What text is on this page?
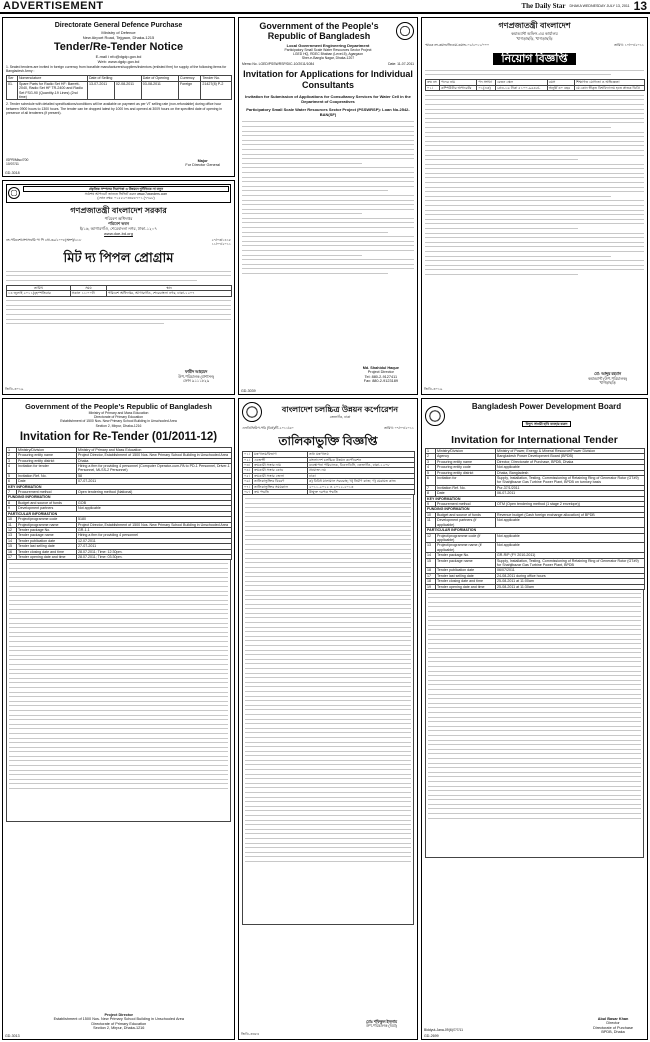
ADVERTISEMENT	The Daily Star DHAKA WEDNESDAY JULY 13, 2011 13
Directorate General Defence Purchase
Ministry of Defence
New Airport Road, Tejgaon, Dhaka-1215
Tender/Re-Tender Notice
E-mail i nfo@dgdp.gov.bd
Web: www.dgdp.gov.bd
1. Sealed tenders are invited in foreign currency from bonafide manufacturers/suppliers/indentors (enlisted firm) for supply of the following items for Bangladesh Army :
Ser	Nomenclature	Date of Selling		Date of Opening	Currency	Tender No.
01.	Spare Parts for Radio Set HF: Barrett-2040, Radio Set HF TR-2400 and Radio Set FSG-90 (Quantity-19 Lines) (2nd time)	13-07-2011	02-08-2011	03-08-2011	Foreign	21427(8) P-2
2. Tender schedule with detailed specifications/conditions will be available on payment as per VT selling rate (non-refundable) during office hour between 0900 hours to 1300 hours. The tender can be dropped latest by 1000 hrs and opened at 3009 hours on the specified date of opening in presence of all tenderers (if present).
ISPR/Misc/700
10/07/11
Major
For Director General
GD-3018
প্রকৃতিক সম্পদের নিরাপত্তা ও উন্নয়নে দুর্নীতিকে না বলুন
সর্বশেষ আপডেট জানতে ভিজিট করুন www.7wonders.com
(ফোন নম্বর: ০১৫৫২০৩৩৫৮৭০১ (৭৭৯৮)
গণপ্রজাতন্ত্রী বাংলাদেশ সরকার
পরিবেশ অধিদপ্তর
পরিবেশ ভবন
ই/১৬, আগারগাঁও, শেরেবাংলা নগর, ঢাকা-১২০৭
www.doe-bd.org
নং-পরিবেশ/প্রশাসন/মি পা পি প্রো-৩৯/২০০৮(অংশ)/২১৮	২৭/০৩/১৪১৮
১১/০৭/২০১১
মিট দ্য পিপল প্রোগ্রাম
তারিখ	সময়	স্থান
১৪ জুলাই ২০১১(বৃহস্পতিবার	সকাল ১১:০০টা	পরিবেশ অধিদপ্তর, আগারগাঁও, শেরেবাংলা নগর, ঢাকা-১২০৭
ফারীদ আহমেদ
উপ-পরিচালক (প্রশাসন)
ফোন ৯১১১৮২৯
জিডি-৩০১৯
Government of the People's
Republic of Bangladesh
Local Government Engineering Department
Participatory Small Scale Water Resources Sector Project
LGED HQ, RDEC Bhaban (Level-5), Agargaon
Sher-e-Bangla Nagar, Dhaka-1207
Memo No. LGED/PSSWRSP/DIC-10/2011/1084	Date: 11-07-2011
Invitation for Applications for Individual Consultants
Invitation for Submission of Applications for Consultancy Services for Water Cell in the Department of Cooperatives
Participatory Small Scale Water Resources Sector Project (PSSWRSP): Loan No-2542-BAN(SF)
Md. Shahidul Haque
Project Director
Tel: 880-2-9127411
Fax: 880-2-9123189
GD-3039
গণপ্রজাতন্ত্রী বাংলাদেশ
কমান্ড্যান্ট অফিস-এর কার্যালয়
খাগড়াছড়ি, খাগড়াছড়ি
স্মারক নং-কমান্ড/জিএম/-কমান্ড-০২/২০১১/০০০	তারিখ: ১০/০৭/২০১১
নিয়োগ বিজ্ঞপ্তি
ক্রঃ নং	পদের নাম	পদ সংখ্যা	বেতন স্কেল	বয়স	শিক্ষাগত যোগ্যতা ও অভিজ্ঞতা
০১।	কম্পিউটার অপারেটর	০১(এক)	গ্রেড-১৬ টাকা ৫১০০-৯৬৪৫/-	অনূর্ধ্ব ৩০ বছর	যে কোন স্বীকৃত বিশ্ববিদ্যালয় হতে স্নাতক ডিগ্রি
মো: আব্দুর রহমান
কমান্ড্যান্ট (উপ-পরিচালক)
খাগড়াছড়ি
জিডি-৩০১৯
Government of the People's Republic of Bangladesh
Ministry of Primary and Mass Education
Directorate of Primary Education
Establishment of 1500 Nos. New Primary School Building in Unschooled Area
Section 2, Mirpur, Dhaka-1216
Invitation for Re-Tender (01/2011-12)
1	Ministry/Division	Ministry of Primary and Mass Education
2	Procuring entity name	Project Director, Establishment of 1500 Nos. New Primary School Building in Unschooled Area
3	Procuring entity district	Dhaka
4	Invitation for tender	Hiring a firm for providing 4 personnel (Computer Operator-cum-PA to PD-1 Personnel, Driver-1 Personnel, MLSS-2 Personnel)
5	Invitation Ref. No.	58
6	Date	07-07-2011
KEY INFORMATION		
7	Procurement method	Open tendering method (National)
FUNDING INFORMATION		
8	Budget and source of funds	GOB
9	Development partners	Not applicable
PARTICULAR INFORMATION		
10	Project/programme code	5180
11	Project/programme name	Project Director, Establishment of 1500 Nos. New Primary School Building in Unschooled Area
12	Tender package No.	GR-1.1
13	Tender package name	Hiring a firm for providing 4 personnel
14	Tender publication date	12.07.2011
15	Tender last selling date	27-07-2011
16	Tender closing date and time	28.07.2011; Time: 12:30pm.
17	Tender opening date and time	28.07.2011; Time: 03:30pm.
Project Director
Establishment of 1500 Nos. New Primary School Building in Unschooled Area
Directorate of Primary Education
Section 2, Mirpur, Dhaka-1216
GD-3013
বাংলাদেশ চলচ্চিত্র উন্নয়ন কর্পোরেশন
তেজগাঁও, ঢাকা
এফডিসি/উপ-পরি (বিপ্র)/টি-২০১১/৬০	তারিখ: ০৭/০৭/২০১১
তালিকাভুক্তি বিজ্ঞপ্তি
০১।	মন্ত্রণালয়/বিভাগ	তথ্য মন্ত্রণালয়
০২।	এজেন্সী	বাংলাদেশ চলচ্চিত্র উন্নয়ন কর্পোরেশন
০৩।	ক্রয়কারী সত্তার নাম	ব্যবস্থাপনা পরিচালক, বিএফডিসি, তেজগাঁও, ঢাকা-১২০৮
০৪।	ক্রয়কারী সত্তার কোড	প্রযোজ্য নয়
০৫।	ক্রয়কারী সত্তার জেলা	ঢাকা
০৬।	তালিকাভুক্তির বিবরণ	ক) বিবিধ মালামাল সরবরাহ; খ) নির্মাণ কাজ; গ) মেরামত কাজ
০৭।	তালিকাভুক্তির সময়কাল	২০১১-২০১২ ও ২০১২-২০১৩
০৮।	ক্রয় পদ্ধতি	উন্মুক্ত দরপত্র পদ্ধতি
মোঃ শফিকুল ইসলাম
উপ-পরিচালক (বিপ্র)
জিডি-৩৩৮৪
Bangladesh Power Development Board
বিদ্যুৎ সাশ্রয়ী হাবি ব্যবহার করুন
Invitation for International Tender
1	Ministry/Division	Ministry of Power, Energy & Mineral Resource/Power Division
2	Agency	Bangladesh Power Development Board (BPDB)
3	Procuring entity name	Director, Directorate of Purchase, BPDB, Dhaka
4	Procuring entity code	Not applicable
5	Procuring entity district	Dhaka, Bangladesh
6	Invitation for	Supply, Installation, Testing, Commissioning of Retaining Ring of Generator Rotor (GT#9) for Shahjibazar Gas Turbine Power Plant, BPDB on turnkey basis
7	Invitation Ref. No.	Pur-37/1/2011
8	Date	06-07-2011
KEY INFORMATION		
9	Procurement method	OTM (Open tendering method (1 stage 2 envelope))
FUNDING INFORMATION		
10	Budget and source of funds	Revenue budget (Cash foreign exchange allocation) of BPDB
11	Development partners (if applicable)	Not applicable
PARTICULAR INFORMATION		
12	Project/programme code (if applicable)	Not applicable
13	Project/programme name (if applicable)	Not applicable
14	Tender package No.	GR-R/P (FY 2010-2011)
15	Tender package name	Supply, Installation, Testing, Commissioning of Retaining Ring of Generator Rotor (GT#9) for Shahjibazar Gas Turbine Power Plant, BPDB
18	Tender publication date	06/07/2011
17	Tender last selling date	24-08-2011 during office hours
18	Tender closing date and time	25-08-2011 at 11:00am
19	Tender opening date and time	25-08-2011 at 11:30am
Abul Basar Khan
Director
Directorate of Purchase
BPDB, Dhaka
Biddyut-Jana-09(6)/7/7/11
GD-2699
